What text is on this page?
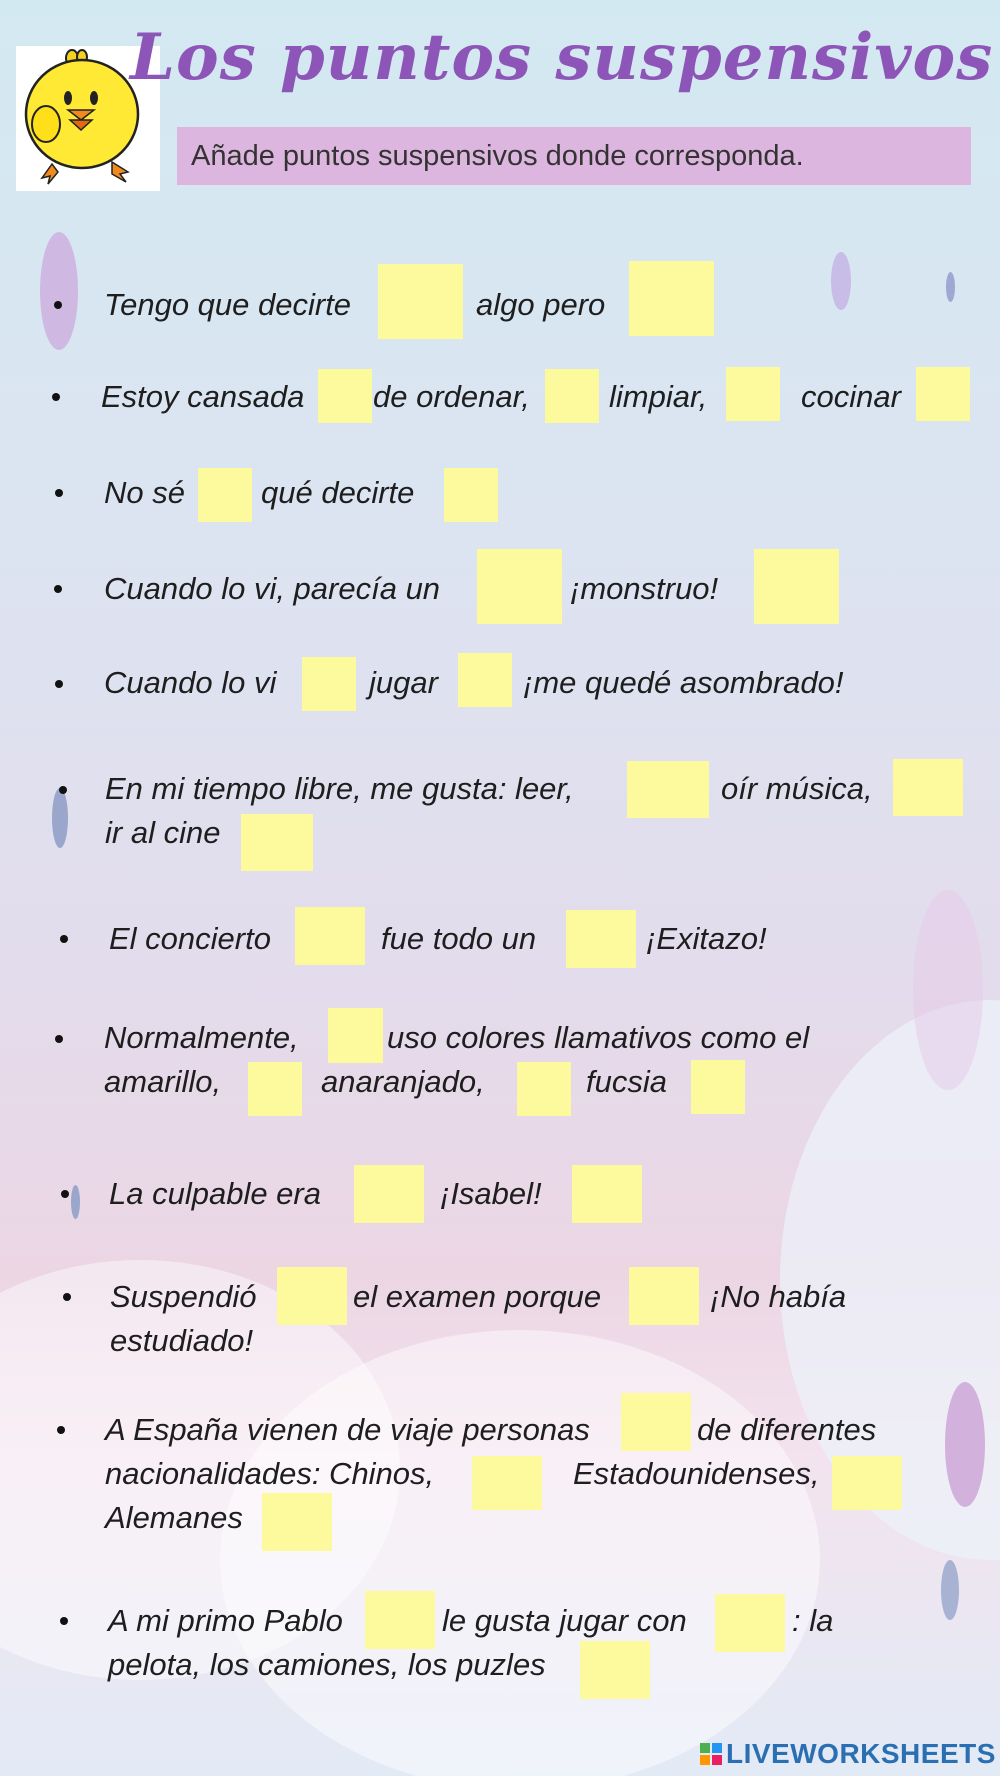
Los puntos suspensivos
Añade puntos suspensivos donde corresponda.
Tengo que decirte	algo pero
Estoy cansada de ordenar,	limpiar,	cocinar
No sé qué decirte
Cuando lo vi, parecía un	¡monstruo!
Cuando lo vi	jugar	¡me quedé asombrado!
En mi tiempo libre, me gusta: leer,	oír música,
ir al cine
El concierto	fue todo un	¡Exitazo!
Normalmente,	uso colores llamativos como el
amarillo,	anaranjado,	fucsia
La culpable era	¡Isabel!
Suspendió	el examen porque	¡No había
estudiado!
A España vienen de viaje personas	de diferentes
nacionalidades: Chinos,	Estadounidenses,
Alemanes
A mi primo Pablo	le gusta jugar con	: la
pelota, los camiones, los puzles
LIVEWORKSHEETS
